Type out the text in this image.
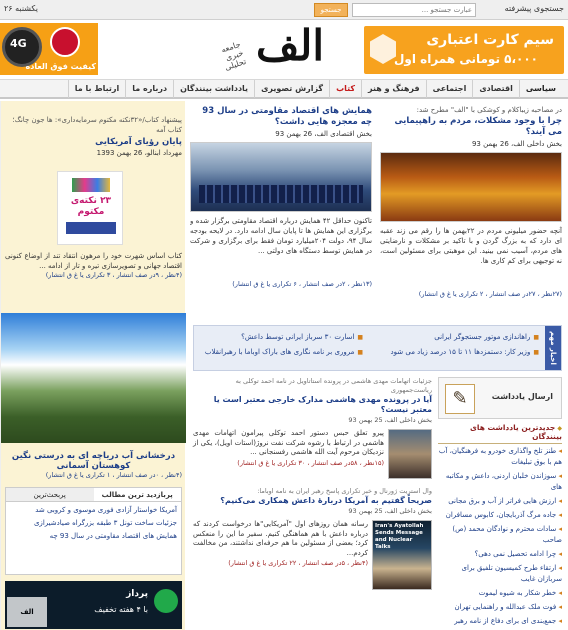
جستجوی پیشرفته
عبارت جستجو ...
جستجو
یکشنبه ۲۶
سیم کارت اعتباری
۵،۰۰۰ تومانی همراه اول
الف
جامعه خبری تحلیلی
4G
کیفیت فوق العاده
سیاسی
اقتصادی
اجتماعی
فرهنگ و هنر
کتاب
گزارش تصویری
یادداشت بینندگان
درباره ما
ارتباط با ما
در مصاحبه زیباکلام و کوشکی با "الف" مطرح شد:
چرا با وجود مشکلات، مردم به راهپیمایی می آیند؟
بخش داخلی الف، 26 بهمن 93
آنچه حضور میلیونی مردم در ۲۲بهمن ها را رقم می زند عقبه ای دارد که به بزرگ گردن و با تاکید بر مشکلات و نارضایتی های مردم، آسیب نمی بینید. این موهبتی برای مسئولین است، نه توجیهی برای کم کاری ها.
(۲۷نظر ، ۲۷در صف انتشار ، ۲ تکراری یا غ ق انتشار)
همایش های اقتصاد مقاومتی در سال 93 چه معجزه هایی داشت؟
بخش اقتصادی الف، 26 بهمن 93
تاکنون حداقل ۴۲ همایش درباره اقتصاد مقاومتی برگزار شده و برگزاری این همایش ها تا پایان سال ادامه دارد. در لایحه بودجه سال ۹۴، دولت ۲۰۴میلیارد تومان فقط برای برگزاری و شرکت در همایش توسط دستگاه های دولتی ...
(۱۳نظر ، ۲در صف انتشار ، ۶ تکراری یا غ ق انتشار)
اخبار مهم
■ راهاندازی موتور جستجوگر ایرانی
■ اسارت ۳۰ سرباز ایرانی توسط داعش؟
■ وزیر کار: دستمزدها ۱۱ تا ۱۵ درصد زیاد می شود
■ مروری بر نامه نگاری های باراک اوباما با رهبرانقلاب
ارسال یادداشت
✎
◆ جدیدترین یادداشت های بینندگان
◂ طنز تلخ واگذاری خودرو به فرهنگیان، آب هم با بوق تبلیغات
◂ سوزاندن خلبان اردنی، داعش و مکاتبه های
◂ ارزش هایی فراتر از آب و برق مجانی
◂ جاده مرگ آذربایجان، کابوس مسافران
◂ سادات محترم و نوادگان محمد (ص) صاحب
◂ چرا ادامه تحصیل نمی دهی؟
◂ ارتقاء طرح کمیسیون تلفیق برای سربازان غایب
◂ خطر شکار به شیوه لیموت
◂ فوت ملک عبدالله و راهنمایی تهران
◂ جمع‌بندی ای برای دفاع از نامه رهبر
جزئیات اتهامات مهدی هاشمی در پرونده استاتاویل در نامه احمد توکلی به ریاست‌جمهوری
آیا در پرونده مهدی هاشمی مدارک خارجی معتبر است یا معتبر نیست؟
بخش داخلی الف، 25 بهمن 93
پیرو تعلق حبس دستور احمد توکلی پیرامون اتهامات مهدی هاشمی در ارتباط با رشوه شرکت نفت نروژ(استات اویل)، یکی از نزدیکان مرحوم آیت الله هاشمی رفسنجانی ...
(۱۵نظر ، ۵۸در صف انتشار ، ۳۰ تکراری یا غ ق انتشار)
وال استریت ژورنال و خبر تکراری پاسخ رهبر ایران به نامه اوباما:
صریحاً گفتیم به آمریکا دربارهٔ داعش همکاری می‌کنیم؟
بخش داخلی الف، 25 بهمن 93
Iran's Ayatollah Sends Message and Nuclear Talks
رسانه همان روزهای اول "آمریکایی"ها درخواست کردند که درباره داعش با هم هماهنگی کنیم. سفیر ما این را منعکس کرد؛ بعضی از مسئولین ما هم حرفه‌ای نداشتند، من مخالفت کردم...
(۴نظر ، ۵در صف انتشار ، ۲۲ تکراری یا غ ق انتشار)
پیشنهاد کتاب/«۳۲نکته مکتوم سرمایه‌داری»: ها جون چانگ؛ کتاب آمه
پایان رؤیای آمریکایی
مهرداد ابنالو، 26 بهمن 1393
۲۳ نکته‌ی مکتوم
کتاب اساس شهرت خود را مرهون انتقاد تند از اوضاع کنونی اقتصاد جهانی و تصویرسازی تیره و تار از ادامه ...
(۴نظر ، ۹در صف انتشار ، ۳ تکراری یا غ ق انتشار)
درخشانی آب دریاچه ای به درستی نگین کوهستان آسمانی
(۴نظر ، ۰در صف انتشار ، ۱ تکراری یا غ ق انتشار)
پربازدید ترین مطالب
پربحث‌ترین
آمریکا خواستار آزادی فوری موسوی و کروبی شد
جزئیات ساخت تونل ۳ طبقه بزرگراه صیادشیرازی
همایش های اقتصاد مقاومتی در سال 93 چه
پرداز
با ۴ هفته تخفیف
الف
